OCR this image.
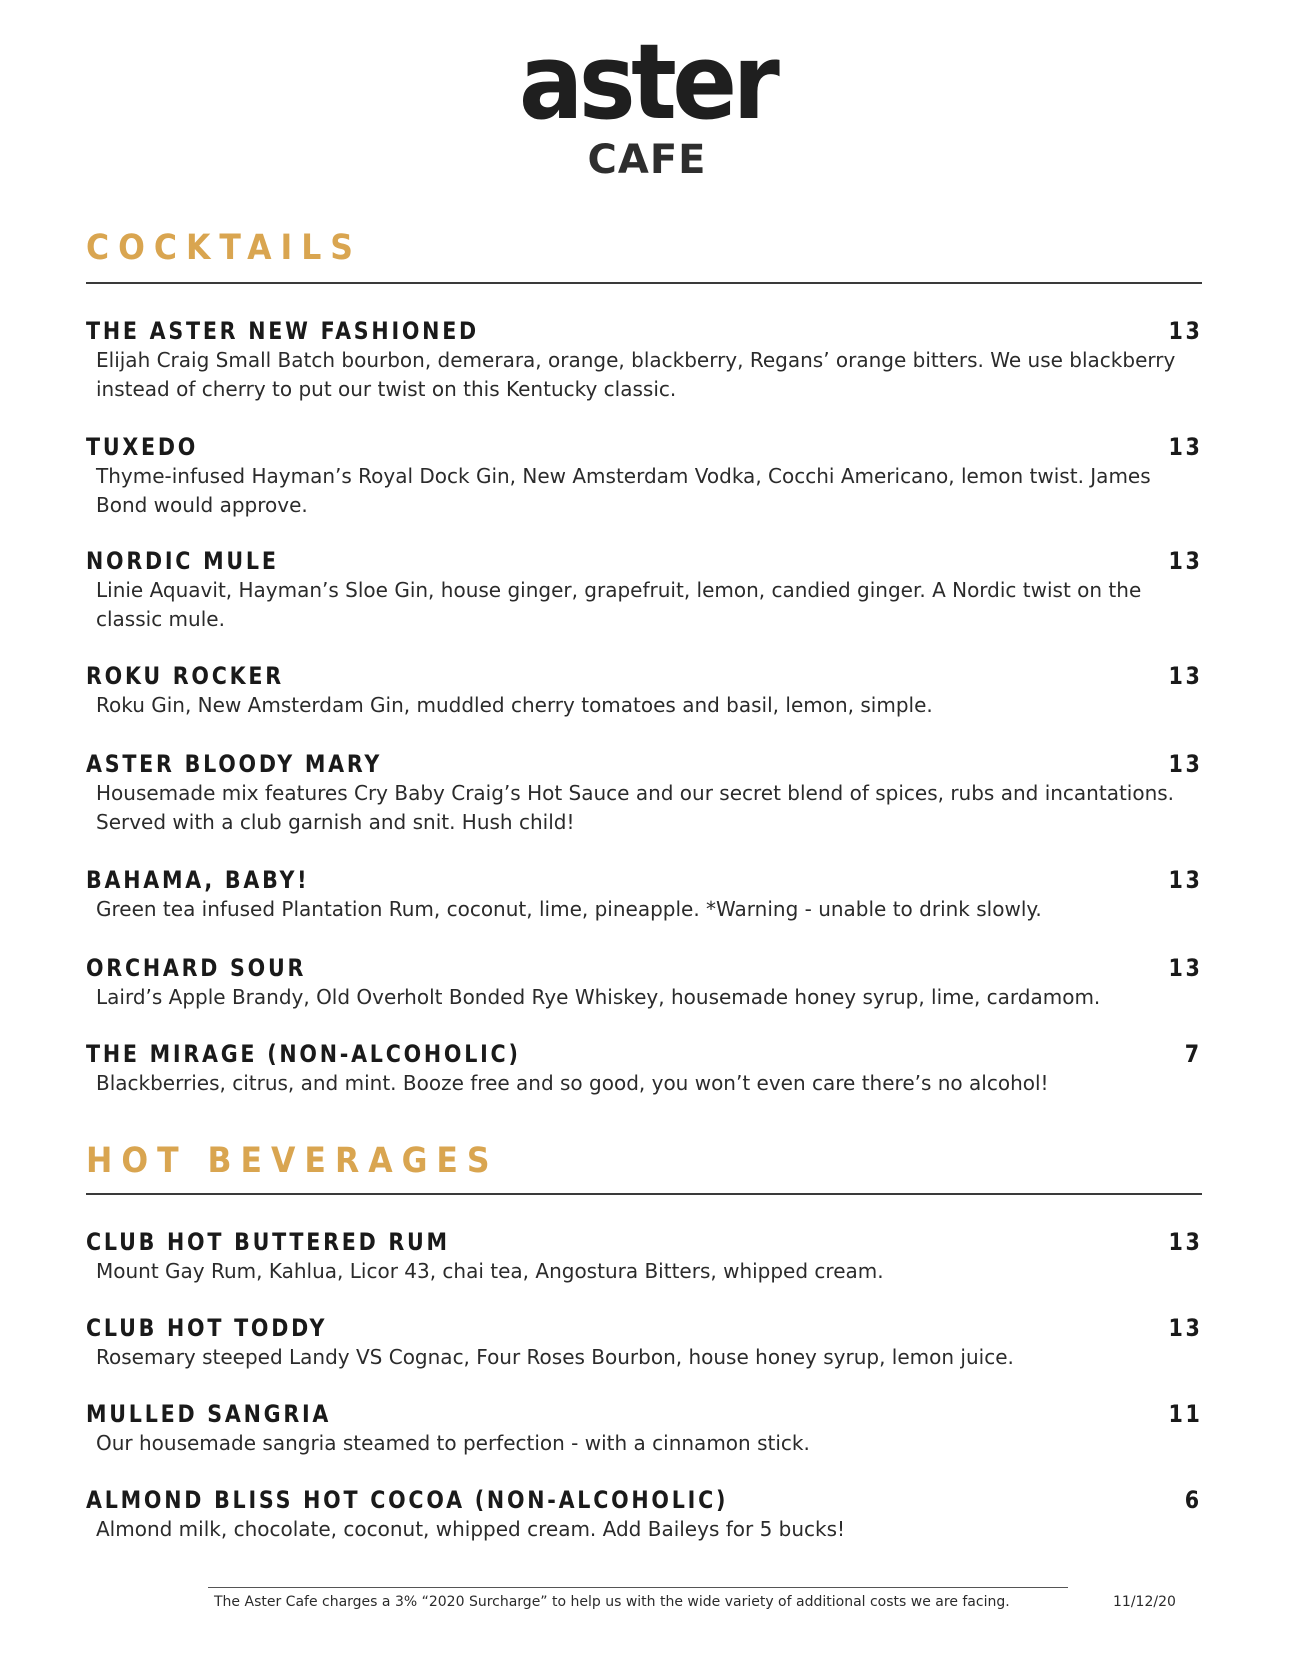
aster
CAFE
COCKTAILS
THE ASTER NEW FASHIONED	13
Elijah Craig Small Batch bourbon, demerara, orange, blackberry, Regans’ orange bitters. We use blackberry instead of cherry to put our twist on this Kentucky classic.
TUXEDO	13
Thyme-infused Hayman’s Royal Dock Gin, New Amsterdam Vodka, Cocchi Americano, lemon twist. James Bond would approve.
NORDIC MULE	13
Linie Aquavit, Hayman’s Sloe Gin, house ginger, grapefruit, lemon, candied ginger. A Nordic twist on the classic mule.
ROKU ROCKER	13
Roku Gin, New Amsterdam Gin, muddled cherry tomatoes and basil, lemon, simple.
ASTER BLOODY MARY	13
Housemade mix features Cry Baby Craig’s Hot Sauce and our secret blend of spices, rubs and incantations. Served with a club garnish and snit. Hush child!
BAHAMA, BABY!	13
Green tea infused Plantation Rum, coconut, lime, pineapple. *Warning - unable to drink slowly.
ORCHARD SOUR	13
Laird’s Apple Brandy, Old Overholt Bonded Rye Whiskey, housemade honey syrup, lime, cardamom.
THE MIRAGE (NON-ALCOHOLIC)	7
Blackberries, citrus, and mint. Booze free and so good, you won’t even care there’s no alcohol!
HOT BEVERAGES
CLUB HOT BUTTERED RUM	13
Mount Gay Rum, Kahlua, Licor 43, chai tea, Angostura Bitters, whipped cream.
CLUB HOT TODDY	13
Rosemary steeped Landy VS Cognac, Four Roses Bourbon, house honey syrup, lemon juice.
MULLED SANGRIA	11
Our housemade sangria steamed to perfection - with a cinnamon stick.
ALMOND BLISS HOT COCOA (NON-ALCOHOLIC)	6
Almond milk, chocolate, coconut, whipped cream. Add Baileys for 5 bucks!
The Aster Cafe charges a 3% “2020 Surcharge” to help us with the wide variety of additional costs we are facing.	11/12/20
